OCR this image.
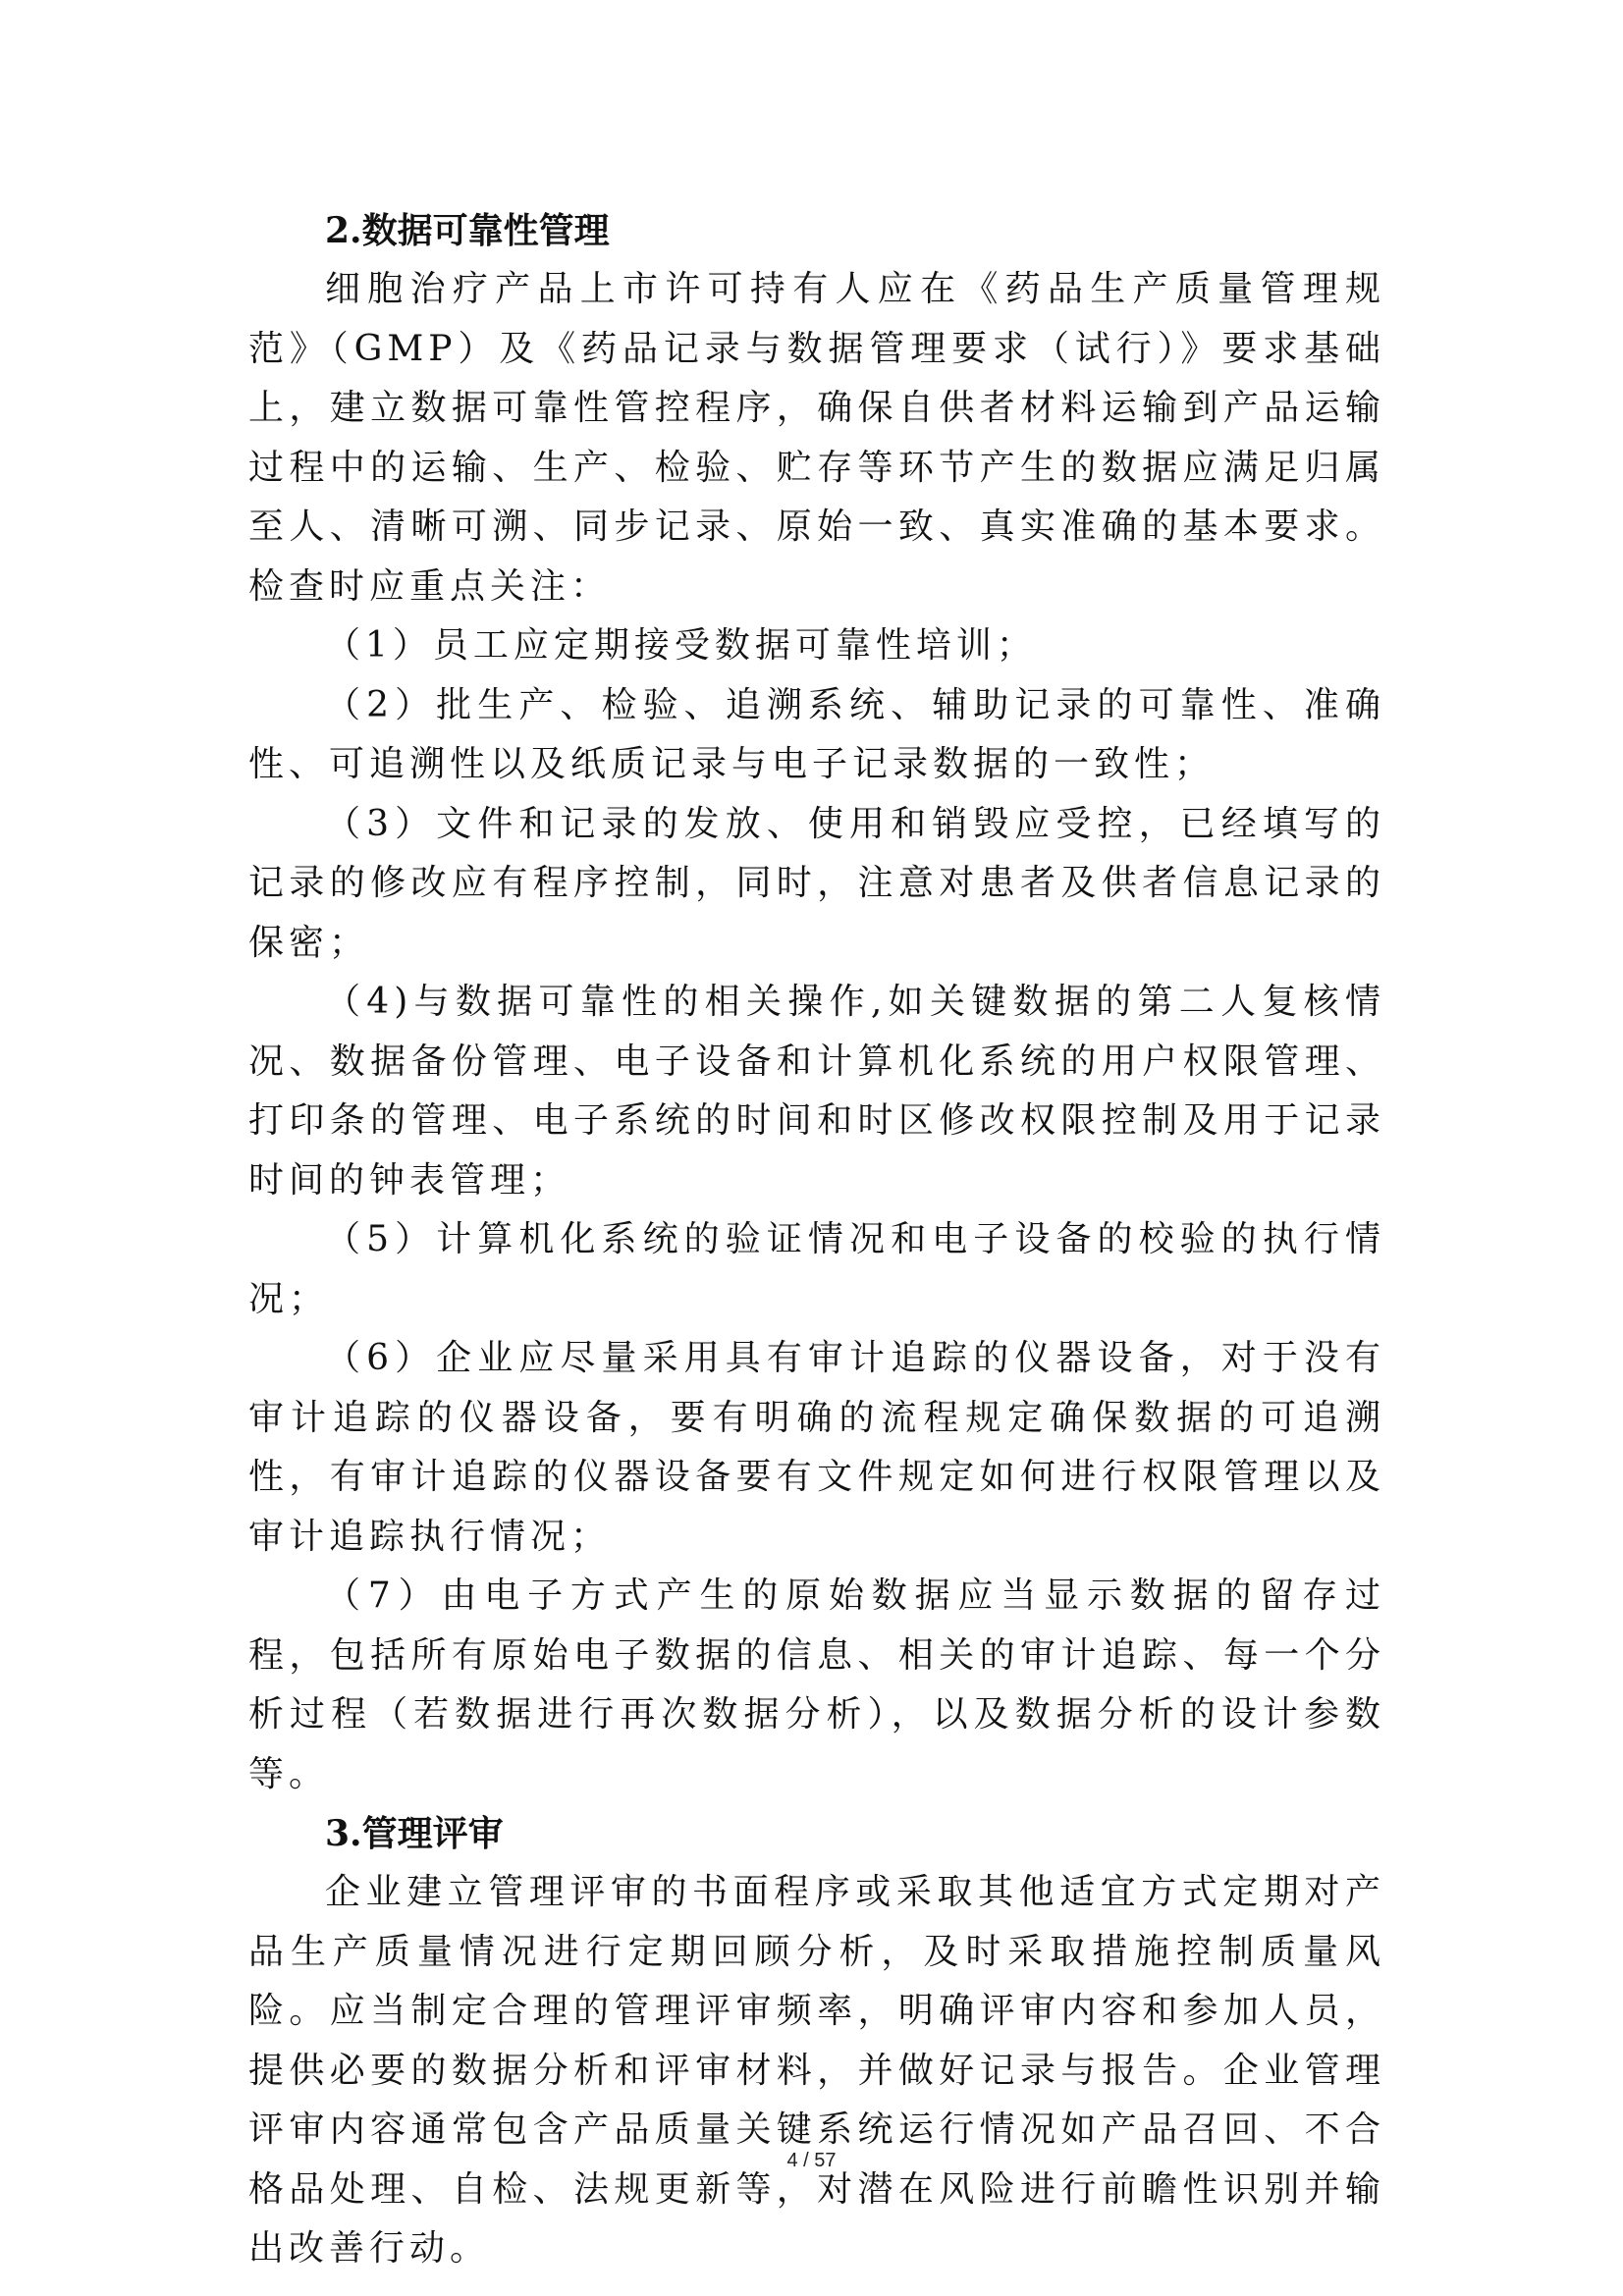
2.数据可靠性管理

细胞治疗产品上市许可持有人应在《药品生产质量管理规范》（GMP）及《药品记录与数据管理要求（试行）》要求基础上，建立数据可靠性管控程序，确保自供者材料运输到产品运输过程中的运输、生产、检验、贮存等环节产生的数据应满足归属至人、清晰可溯、同步记录、原始一致、真实准确的基本要求。检查时应重点关注：

（1）员工应定期接受数据可靠性培训；

（2）批生产、检验、追溯系统、辅助记录的可靠性、准确性、可追溯性以及纸质记录与电子记录数据的一致性；

（3）文件和记录的发放、使用和销毁应受控，已经填写的记录的修改应有程序控制，同时，注意对患者及供者信息记录的保密；

（4)与数据可靠性的相关操作,如关键数据的第二人复核情况、数据备份管理、电子设备和计算机化系统的用户权限管理、打印条的管理、电子系统的时间和时区修改权限控制及用于记录时间的钟表管理；

（5）计算机化系统的验证情况和电子设备的校验的执行情况；

（6）企业应尽量采用具有审计追踪的仪器设备，对于没有审计追踪的仪器设备，要有明确的流程规定确保数据的可追溯性，有审计追踪的仪器设备要有文件规定如何进行权限管理以及审计追踪执行情况；

（7）由电子方式产生的原始数据应当显示数据的留存过程，包括所有原始电子数据的信息、相关的审计追踪、每一个分析过程（若数据进行再次数据分析），以及数据分析的设计参数等。

3.管理评审

企业建立管理评审的书面程序或采取其他适宜方式定期对产品生产质量情况进行定期回顾分析，及时采取措施控制质量风险。应当制定合理的管理评审频率，明确评审内容和参加人员，提供必要的数据分析和评审材料，并做好记录与报告。企业管理评审内容通常包含产品质量关键系统运行情况如产品召回、不合格品处理、自检、法规更新等，对潜在风险进行前瞻性识别并输出改善行动。

4 / 57
